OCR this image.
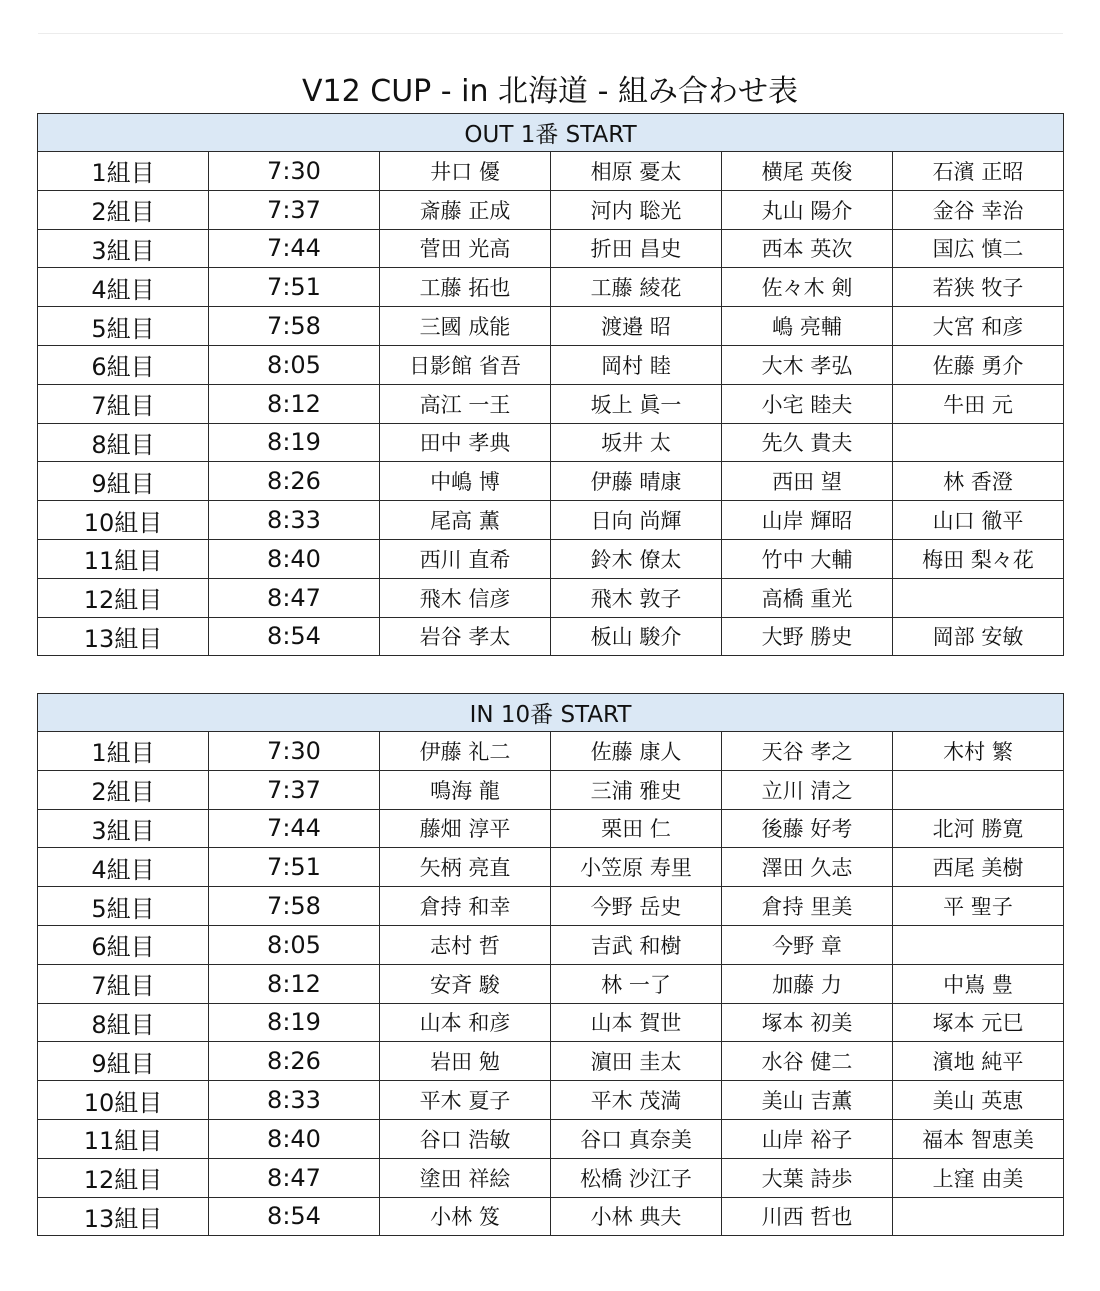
V12 CUP - in 北海道 - 組み合わせ表
OUT 1番 START					
1組目	7:30	井口 優	相原 憂太	横尾 英俊	石濱 正昭
2組目	7:37	斎藤 正成	河内 聡光	丸山 陽介	金谷 幸治
3組目	7:44	菅田 光高	折田 昌史	西本 英次	国広 慎二
4組目	7:51	工藤 拓也	工藤 綾花	佐々木 剣	若狭 牧子
5組目	7:58	三國 成能	渡邉 昭	嶋 亮輔	大宮 和彦
6組目	8:05	日影館 省吾	岡村 睦	大木 孝弘	佐藤 勇介
7組目	8:12	高江 一王	坂上 眞一	小宅 睦夫	牛田 元
8組目	8:19	田中 孝典	坂井 太	先久 貴夫	
9組目	8:26	中嶋 博	伊藤 晴康	西田 望	林 香澄
10組目	8:33	尾高 薫	日向 尚輝	山岸 輝昭	山口 徹平
11組目	8:40	西川 直希	鈴木 僚太	竹中 大輔	梅田 梨々花
12組目	8:47	飛木 信彦	飛木 敦子	高橋 重光	
13組目	8:54	岩谷 孝太	板山 駿介	大野 勝史	岡部 安敏
IN 10番 START					
1組目	7:30	伊藤 礼二	佐藤 康人	天谷 孝之	木村 繁
2組目	7:37	鳴海 龍	三浦 雅史	立川 清之	
3組目	7:44	藤畑 淳平	栗田 仁	後藤 好考	北河 勝寛
4組目	7:51	矢柄 亮直	小笠原 寿里	澤田 久志	西尾 美樹
5組目	7:58	倉持 和幸	今野 岳史	倉持 里美	平 聖子
6組目	8:05	志村 哲	吉武 和樹	今野 章	
7組目	8:12	安斉 駿	林 一了	加藤 力	中嶌 豊
8組目	8:19	山本 和彦	山本 賀世	塚本 初美	塚本 元巳
9組目	8:26	岩田 勉	濵田 圭太	水谷 健二	濱地 純平
10組目	8:33	平木 夏子	平木 茂満	美山 吉薫	美山 英恵
11組目	8:40	谷口 浩敏	谷口 真奈美	山岸 裕子	福本 智恵美
12組目	8:47	塗田 祥絵	松橋 沙江子	大葉 詩歩	上窪 由美
13組目	8:54	小林 笈	小林 典夫	川西 哲也	
